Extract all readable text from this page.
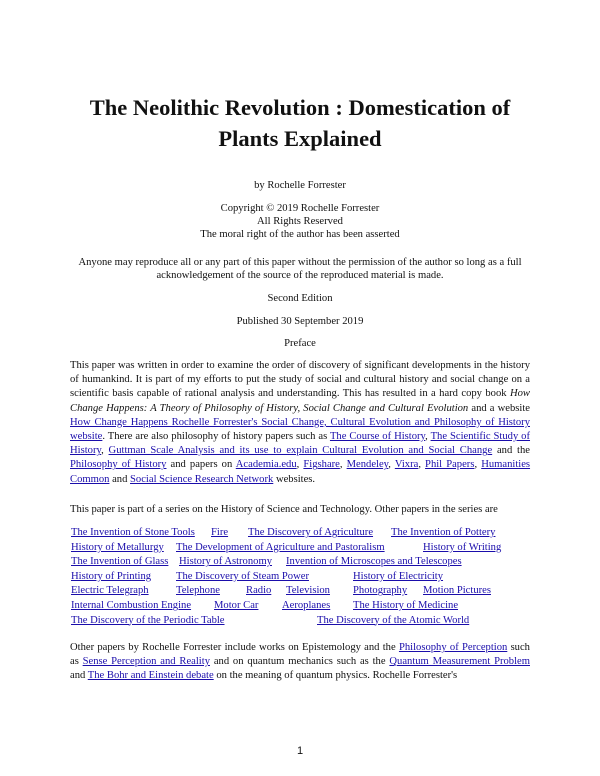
The Neolithic Revolution : Domestication of
Plants Explained
by Rochelle Forrester
Copyright © 2019 Rochelle Forrester
All Rights Reserved
The moral right of the author has been asserted
Anyone may reproduce all or any part of this paper without the permission of the author so long as a full
acknowledgement of the source of the reproduced material is made.
Second Edition
Published 30 September 2019
Preface
This paper was written in order to examine the order of discovery of significant developments in the history of humankind. It is part of my efforts to put the study of social and cultural history and social change on a scientific basis capable of rational analysis and understanding. This has resulted in a hard copy book How Change Happens: A Theory of Philosophy of History, Social Change and Cultural Evolution and a website How Change Happens Rochelle Forrester's Social Change, Cultural Evolution and Philosophy of History website. There are also philosophy of history papers such as The Course of History, The Scientific Study of History, Guttman Scale Analysis and its use to explain Cultural Evolution and Social Change and the Philosophy of History and papers on Academia.edu, Figshare, Mendeley, Vixra, Phil Papers, Humanities Common and Social Science Research Network websites.
This paper is part of a series on the History of Science and Technology. Other papers in the series are
The Invention of Stone Tools Fire The Discovery of Agriculture The Invention of Pottery
History of Metallurgy The Development of Agriculture and Pastoralism	History of Writing
The Invention of Glass History of Astronomy Invention of Microscopes and Telescopes
History of Printing The Discovery of Steam Power	History of Electricity
Electric Telegraph	Telephone Radio Television Photography Motion Pictures
Internal Combustion Engine Motor Car Aeroplanes The History of Medicine
The Discovery of the Periodic Table	The Discovery of the Atomic World
Other papers by Rochelle Forrester include works on Epistemology and the Philosophy of Perception such as Sense Perception and Reality and on quantum mechanics such as the Quantum Measurement Problem and The Bohr and Einstein debate on the meaning of quantum physics. Rochelle Forrester's
1
